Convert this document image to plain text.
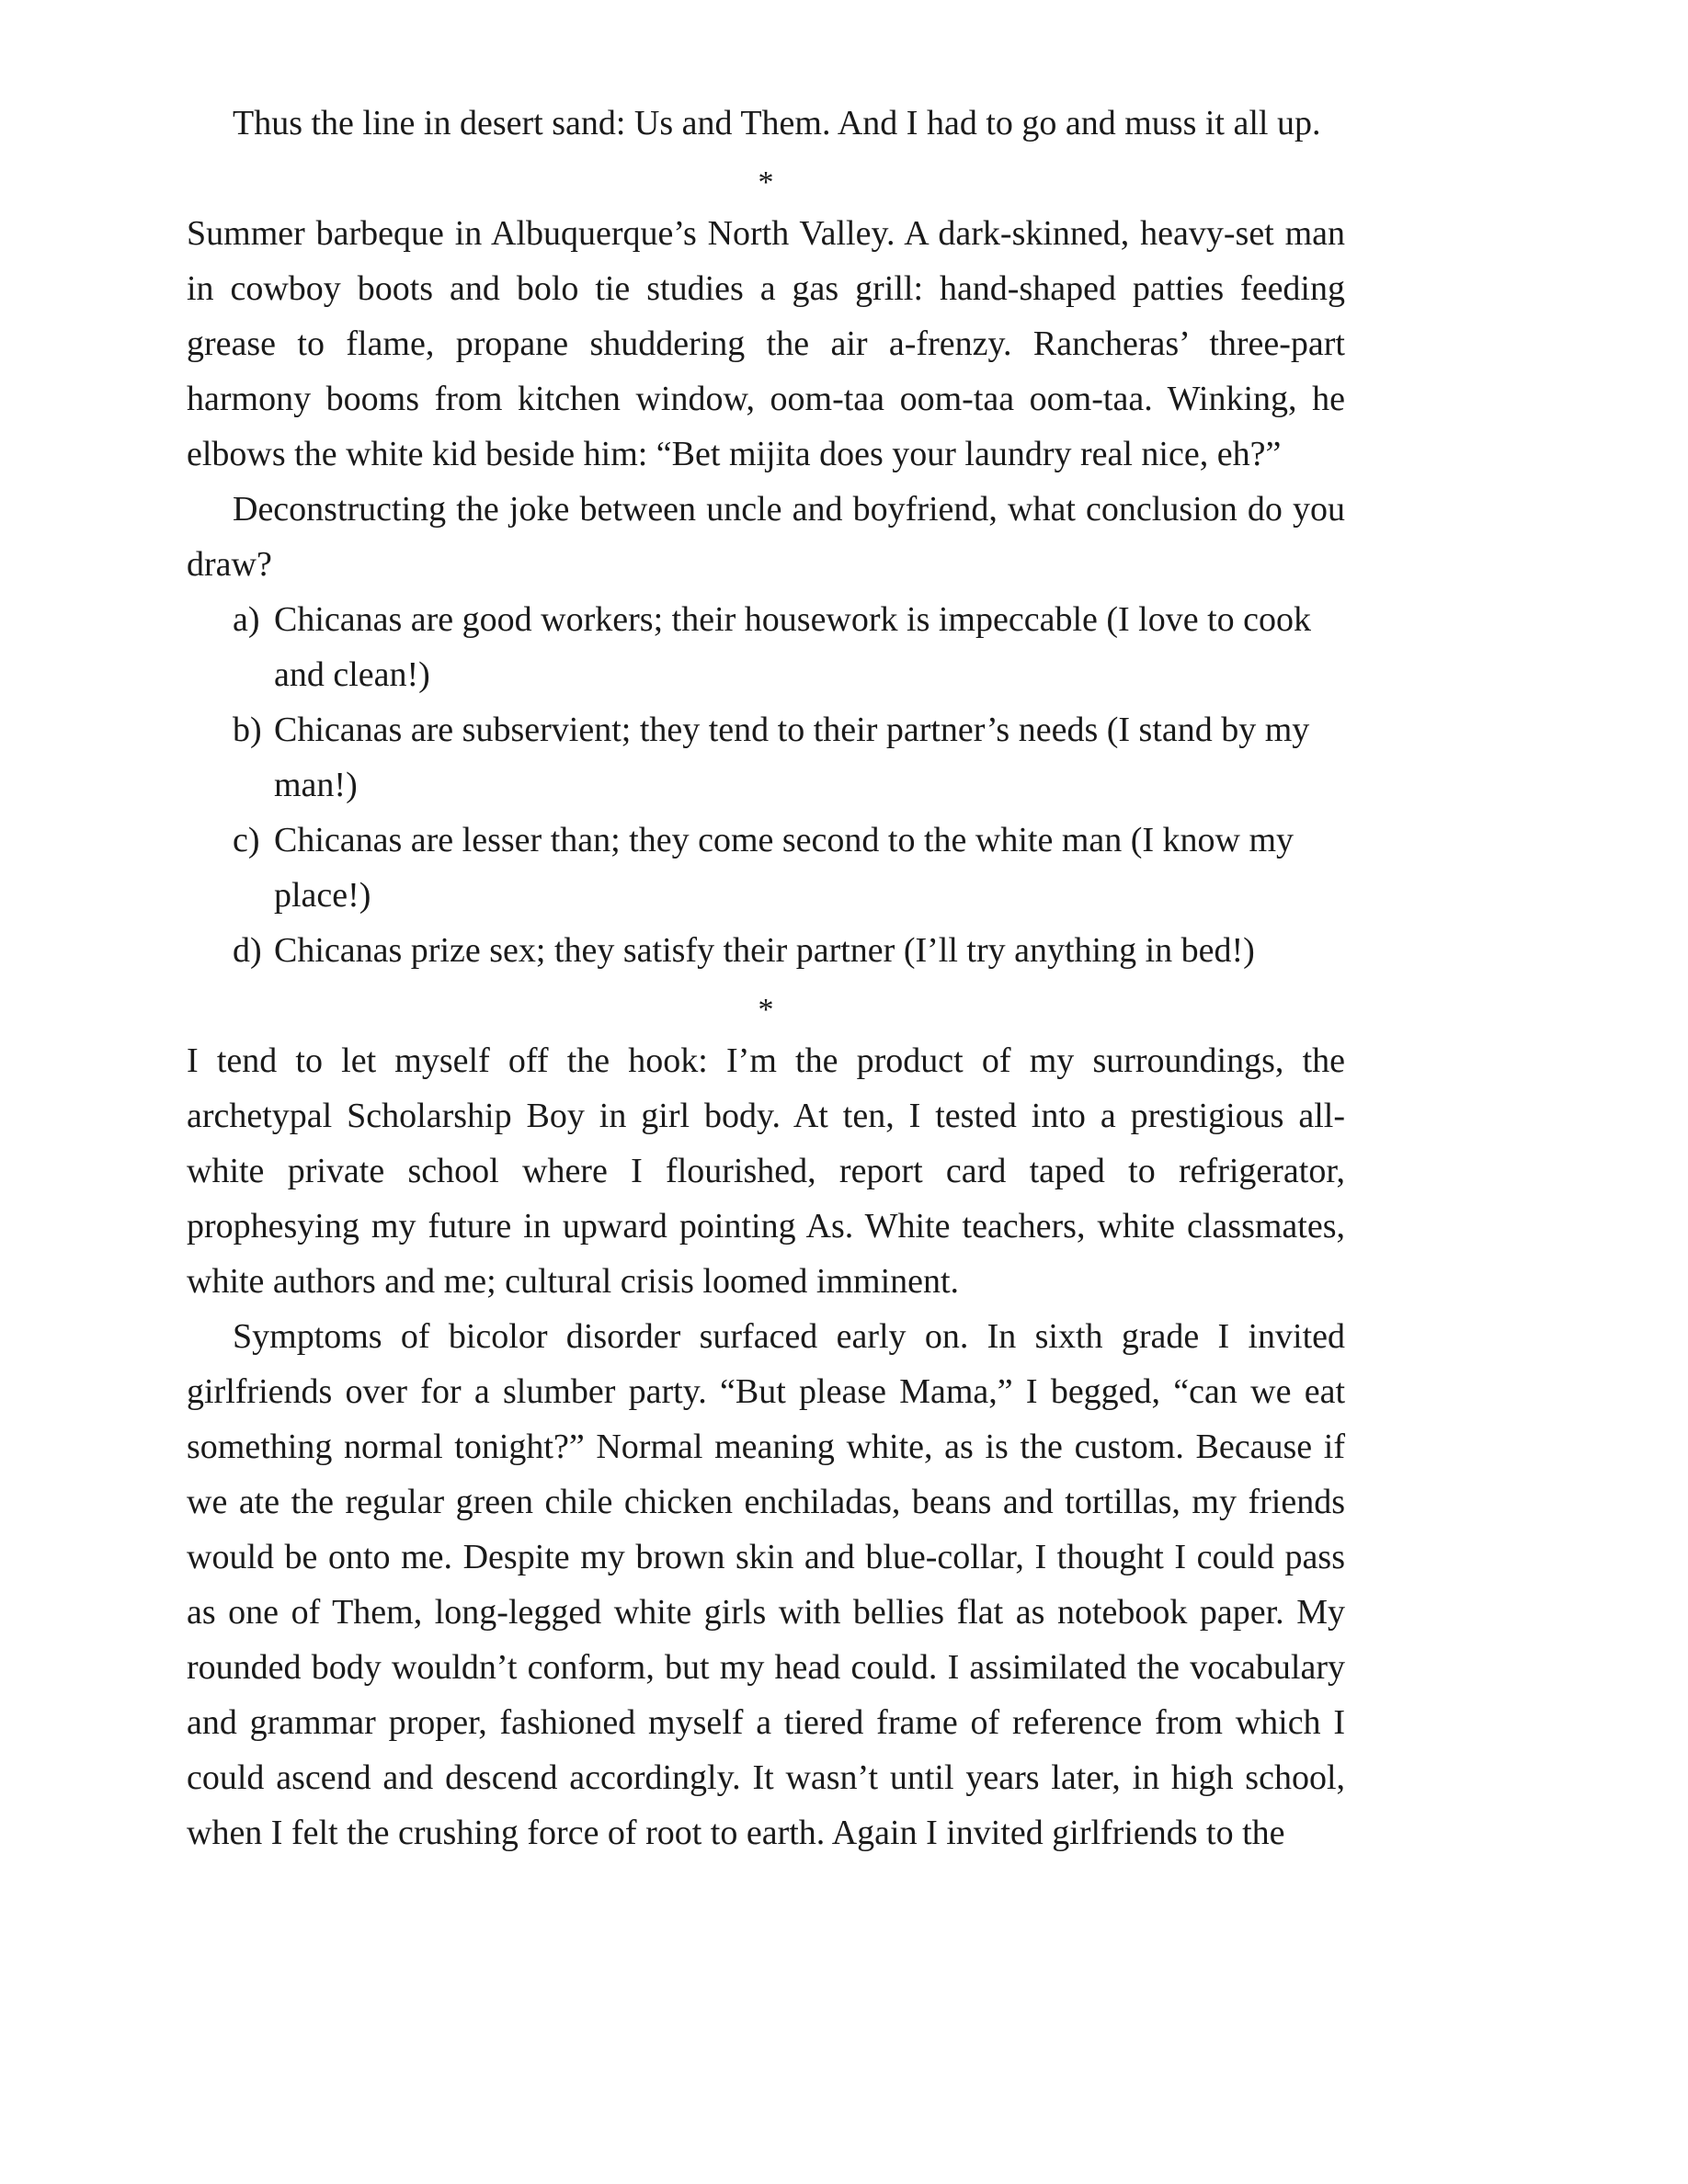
Thus the line in desert sand: Us and Them. And I had to go and muss it all up.

*

Summer barbeque in Albuquerque’s North Valley. A dark-skinned, heavy-set man in cowboy boots and bolo tie studies a gas grill: hand-shaped patties feeding grease to flame, propane shuddering the air a-frenzy. Rancheras’ three-part harmony booms from kitchen window, oom-taa oom-taa oom-taa. Winking, he elbows the white kid beside him: “Bet mijita does your laundry real nice, eh?”

Deconstructing the joke between uncle and boyfriend, what conclusion do you draw?

a) Chicanas are good workers; their housework is impeccable (I love to cook and clean!)
b) Chicanas are subservient; they tend to their partner’s needs (I stand by my man!)
c) Chicanas are lesser than; they come second to the white man (I know my place!)
d) Chicanas prize sex; they satisfy their partner (I’ll try anything in bed!)
*

I tend to let myself off the hook: I’m the product of my surroundings, the archetypal Scholarship Boy in girl body. At ten, I tested into a prestigious all-white private school where I flourished, report card taped to refrigerator, prophesying my future in upward pointing As. White teachers, white classmates, white authors and me; cultural crisis loomed imminent.

Symptoms of bicolor disorder surfaced early on. In sixth grade I invited girlfriends over for a slumber party. “But please Mama,” I begged, “can we eat something normal tonight?” Normal meaning white, as is the custom. Because if we ate the regular green chile chicken enchiladas, beans and tortillas, my friends would be onto me. Despite my brown skin and blue-collar, I thought I could pass as one of Them, long-legged white girls with bellies flat as notebook paper. My rounded body wouldn’t conform, but my head could. I assimilated the vocabulary and grammar proper, fashioned myself a tiered frame of reference from which I could ascend and descend accordingly. It wasn’t until years later, in high school, when I felt the crushing force of root to earth. Again I invited girlfriends to the
